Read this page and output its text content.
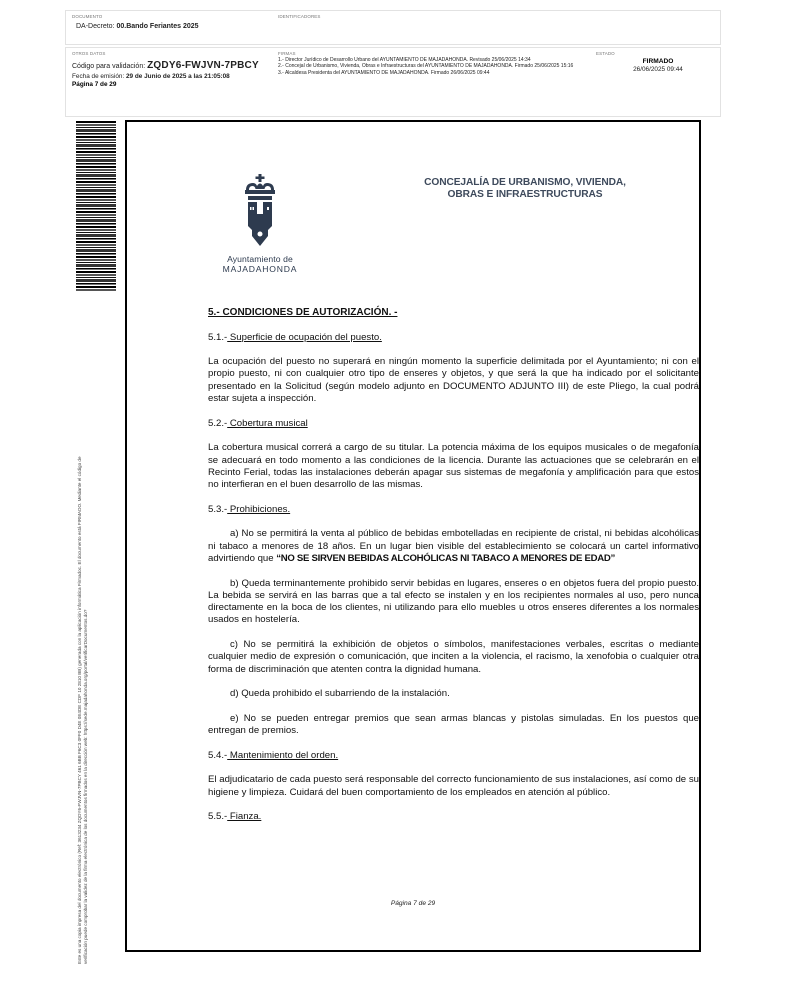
DOCUMENTO	IDENTIFICADORES
DA-Decreto: 00.Bando Feriantes 2025
OTROS DATOS
Código para validación: ZQDY6-FWJVN-7PBCY
Fecha de emisión: 29 de Junio de 2025 a las 21:05:08
Página 7 de 29
FIRMAS
1.- Director Jurídico de Desarrollo Urbano del AYUNTAMIENTO DE MAJADAHONDA. Revisado 25/06/2025 14:34
2.- Concejal de Urbanismo, Vivienda, Obras e Infraestructuras del AYUNTAMIENTO DE MAJADAHONDA. Firmado 25/06/2025 15:16
3.- Alcaldesa Presidenta del AYUNTAMIENTO DE MAJADAHONDA. Firmado 26/06/2025 09:44
ESTADO
FIRMADO
26/06/2025 09:44
Este es una copia impresa del documento electrónico (Ref: 3613234 ZQDY6-FWJVN-7PBCY 461 6BB F6C3 0FF0 D4E 0E4DE CDF 10 2810 BB) generada con la aplicación informática Firmadoc. El documento está FIRMADO. Mediante el código de verificación puede comprobar la validez de la firma electrónica de los documentos firmados en la dirección web: https://sede.majadahonda.org/portal/verificarDocumentos.do?
Ayuntamiento de
MAJADAHONDA
CONCEJALÍA DE URBANISMO, VIVIENDA,
OBRAS E INFRAESTRUCTURAS

5.- CONDICIONES DE AUTORIZACIÓN. -

5.1.- Superficie de ocupación del puesto.

La ocupación del puesto no superará en ningún momento la superficie delimitada por el Ayuntamiento; ni con el propio puesto, ni con cualquier otro tipo de enseres y objetos, y que será la que ha indicado por el solicitante presentado en la Solicitud (según modelo adjunto en DOCUMENTO ADJUNTO III) de este Pliego, la cual podrá estar sujeta a inspección.

5.2.- Cobertura musical

La cobertura musical correrá a cargo de su titular. La potencia máxima de los equipos musicales o de megafonía se adecuará en todo momento a las condiciones de la licencia. Durante las actuaciones que se celebrarán en el Recinto Ferial, todas las instalaciones deberán apagar sus sistemas de megafonía y amplificación para que estos no interfieran en el buen desarrollo de las mismas.

5.3.- Prohibiciones.

a) No se permitirá la venta al público de bebidas embotelladas en recipiente de cristal, ni bebidas alcohólicas ni tabaco a menores de 18 años. En un lugar bien visible del establecimiento se colocará un cartel informativo advirtiendo que “NO SE SIRVEN BEBIDAS ALCOHÓLICAS NI TABACO A MENORES DE EDAD”

b) Queda terminantemente prohibido servir bebidas en lugares, enseres o en objetos fuera del propio puesto. La bebida se servirá en las barras que a tal efecto se instalen y en los recipientes normales al uso, pero nunca directamente en la boca de los clientes, ni utilizando para ello muebles u otros enseres diferentes a los normales usados en hostelería.

c) No se permitirá la exhibición de objetos o símbolos, manifestaciones verbales, escritas o mediante cualquier medio de expresión o comunicación, que inciten a la violencia, el racismo, la xenofobia o cualquier otra forma de discriminación que atenten contra la dignidad humana.

d) Queda prohibido el subarriendo de la instalación.

e) No se pueden entregar premios que sean armas blancas y pistolas simuladas. En los puestos que entregan de premios.

5.4.- Mantenimiento del orden.

El adjudicatario de cada puesto será responsable del correcto funcionamiento de sus instalaciones, así como de su higiene y limpieza. Cuidará del buen comportamiento de los empleados en atención al público.

5.5.- Fianza.

Página 7 de 29
